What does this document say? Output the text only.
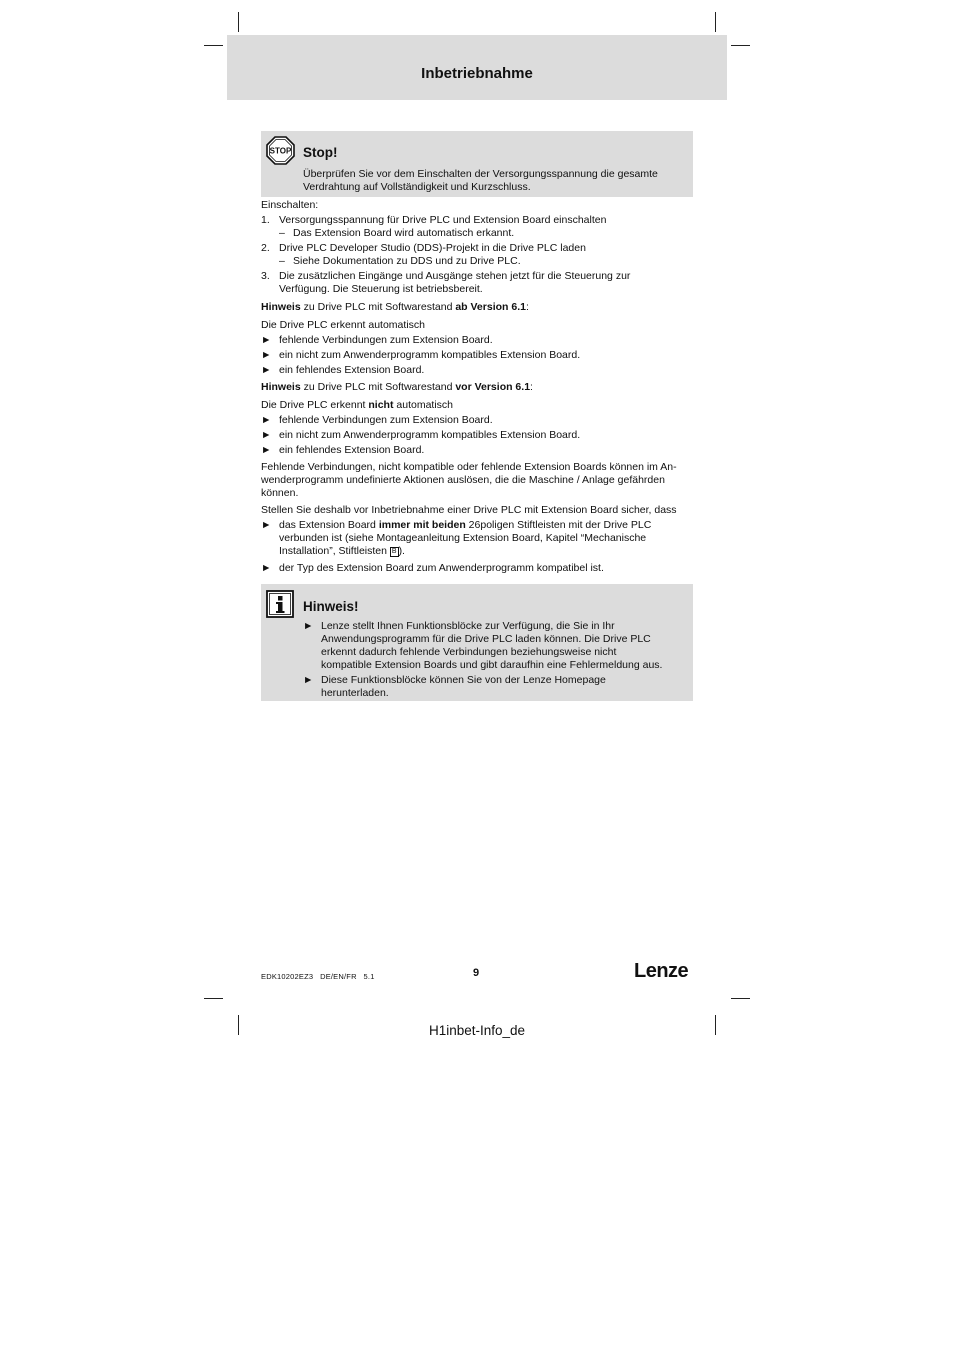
Inbetriebnahme
STOP Stop!
Überprüfen Sie vor dem Einschalten der Versorgungsspannung die gesamte
Verdrahtung auf Vollständigkeit und Kurzschluss.

Einschalten:

1. Versorgungsspannung für Drive PLC und Extension Board einschalten
– Das Extension Board wird automatisch erkannt.
2. Drive PLC Developer Studio (DDS)-Projekt in die Drive PLC laden
– Siehe Dokumentation zu DDS und zu Drive PLC.
3. Die zusätzlichen Eingänge und Ausgänge stehen jetzt für die Steuerung zur
Verfügung. Die Steuerung ist betriebsbereit.

Hinweis zu Drive PLC mit Softwarestand ab Version 6.1:

Die Drive PLC erkennt automatisch

► fehlende Verbindungen zum Extension Board.
► ein nicht zum Anwenderprogramm kompatibles Extension Board.
► ein fehlendes Extension Board.

Hinweis zu Drive PLC mit Softwarestand vor Version 6.1:

Die Drive PLC erkennt nicht automatisch

► fehlende Verbindungen zum Extension Board.
► ein nicht zum Anwenderprogramm kompatibles Extension Board.
► ein fehlendes Extension Board.

Fehlende Verbindungen, nicht kompatible oder fehlende Extension Boards können im An-
wenderprogramm undefinierte Aktionen auslösen, die die Maschine / Anlage gefährden
können.

Stellen Sie deshalb vor Inbetriebnahme einer Drive PLC mit Extension Board sicher, dass

► das Extension Board immer mit beiden 26poligen Stiftleisten mit der Drive PLC
verbunden ist (siehe Montageanleitung Extension Board, Kapitel “Mechanische
Installation”, Stiftleisten B ).
► der Typ des Extension Board zum Anwenderprogramm kompatibel ist.
Hinweis!
► Lenze stellt Ihnen Funktionsblöcke zur Verfügung, die Sie in Ihr
Anwendungsprogramm für die Drive PLC laden können. Die Drive PLC
erkennt dadurch fehlende Verbindungen beziehungsweise nicht
kompatible Extension Boards und gibt daraufhin eine Fehlermeldung aus.
► Diese Funktionsblöcke können Sie von der Lenze Homepage
herunterladen.
EDK10202EZ3   DE/EN/FR   5.1	9	Lenze
H1inbet-Info_de
